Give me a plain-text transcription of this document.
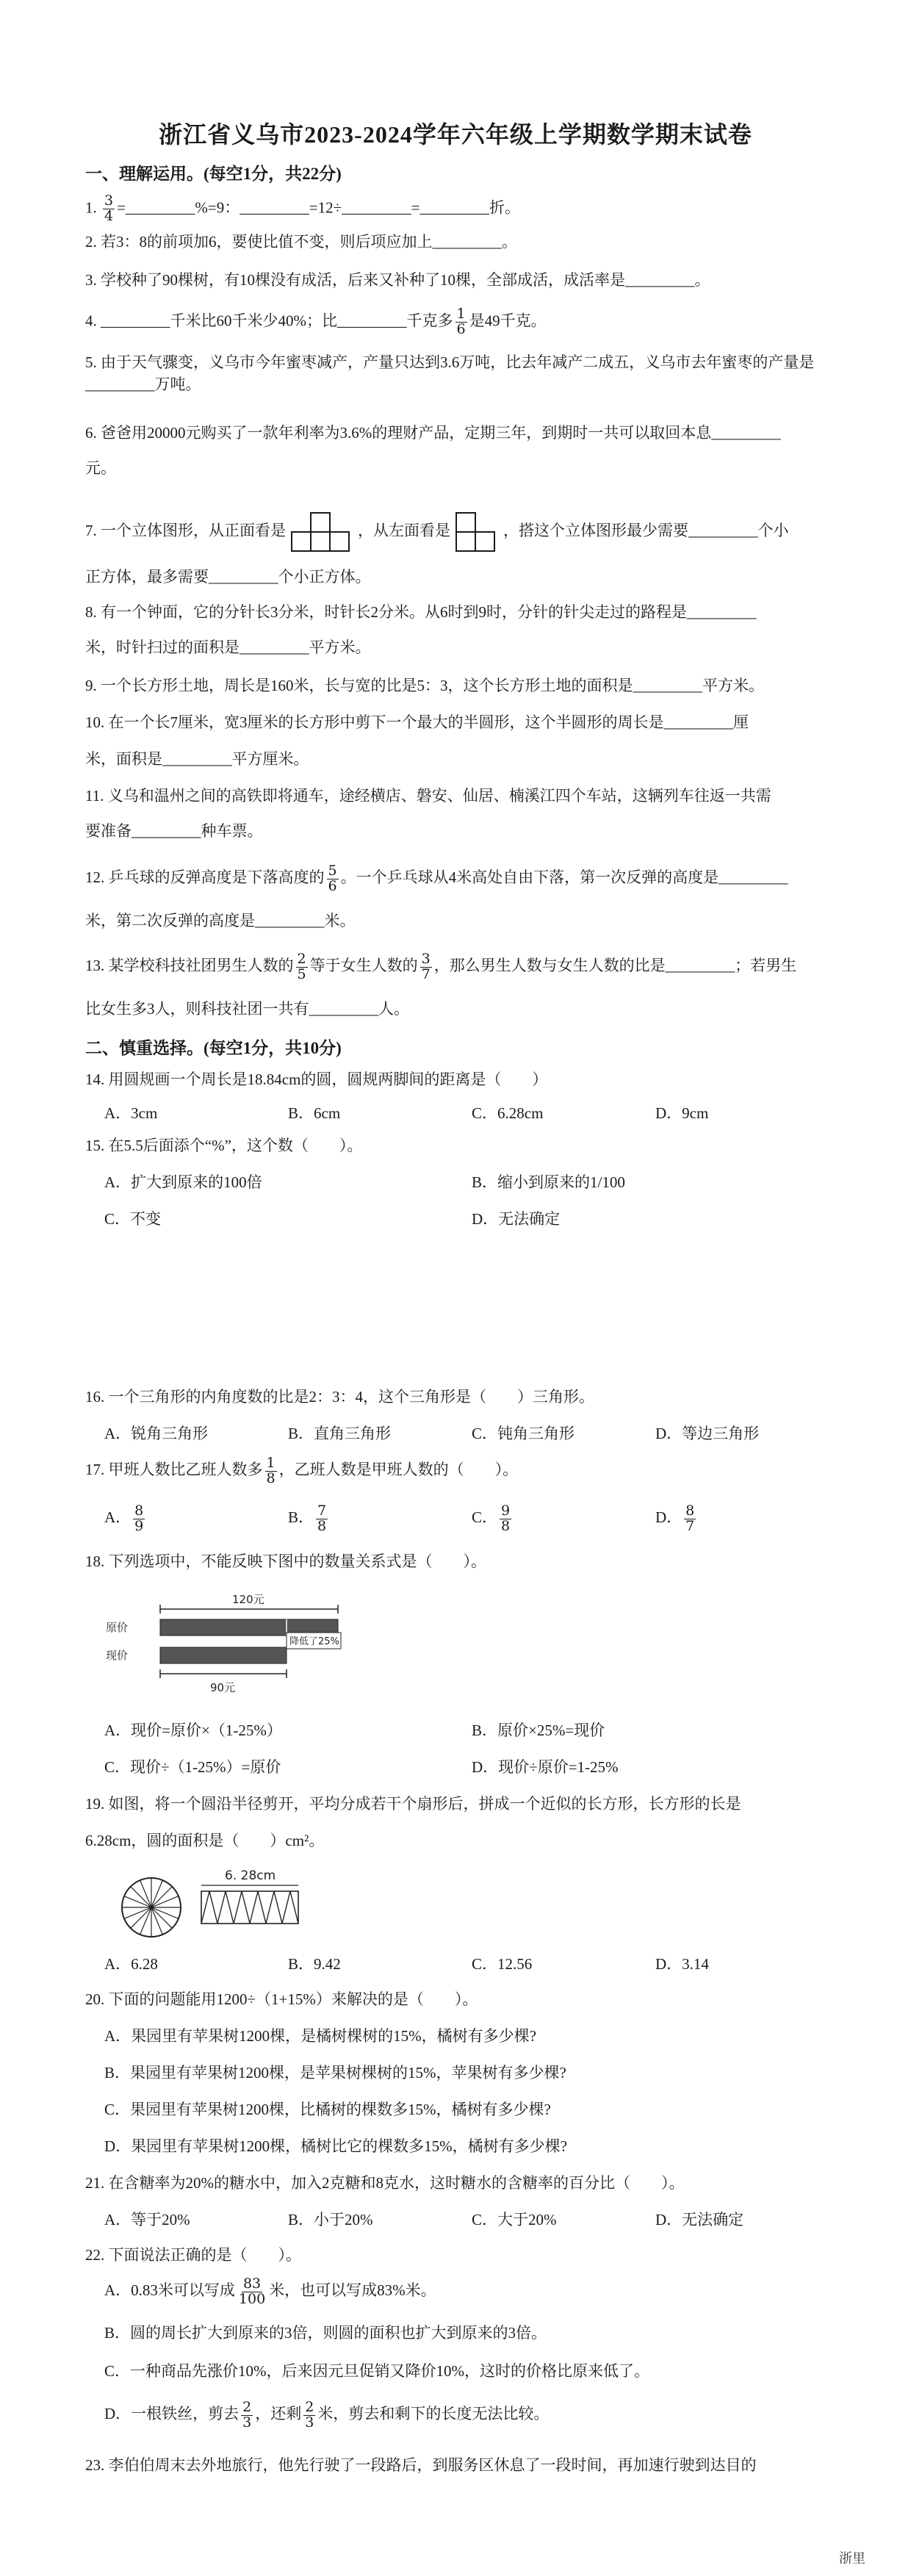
浙江省义乌市2023-2024学年六年级上学期数学期末试卷
一、理解运用。(每空1分，共22分)
1. $\frac{3}{4}$ =_________%=9：_________=12÷_________=_________折。
2. 若3：8的前项加6，要使比值不变，则后项应加上_________。
3. 学校种了90棵树，有10棵没有成活，后来又补种了10棵，全部成活，成活率是_________。
4. _________千米比60千米少40%；比_________千克多 $\frac{1}{6}$ 是49千克。
5. 由于天气骤变，义乌市今年蜜枣减产，产量只达到3.6万吨，比去年减产二成五，义乌市去年蜜枣的产量是_________万吨。
6. 爸爸用20000元购买了一款年利率为3.6%的理财产品，定期三年，到期时一共可以取回本息_________
元。
7. 一个立体图形，从正面看是	，从左面看是	，搭这个立体图形最少需要_________个小
正方体，最多需要_________个小正方体。
8. 有一个钟面，它的分针长3分米，时针长2分米。从6时到9时，分针的针尖走过的路程是_________
米，时针扫过的面积是_________平方米。
9. 一个长方形土地，周长是160米，长与宽的比是5：3，这个长方形土地的面积是_________平方米。
10. 在一个长7厘米，宽3厘米的长方形中剪下一个最大的半圆形，这个半圆形的周长是_________厘
米，面积是_________平方厘米。
11. 义乌和温州之间的高铁即将通车，途经横店、磐安、仙居、楠溪江四个车站，这辆列车往返一共需
要准备_________种车票。
12. 乒乓球的反弹高度是下落高度的 $\frac{5}{6}$ 。一个乒乓球从4米高处自由下落，第一次反弹的高度是_________
米，第二次反弹的高度是_________米。
13. 某学校科技社团男生人数的 $\frac{2}{5}$ 等于女生人数的 $\frac{3}{7}$ ，那么男生人数与女生人数的比是_________；若男生
比女生多3人，则科技社团一共有_________人。
二、慎重选择。(每空1分，共10分)
14. 用圆规画一个周长是18.84cm的圆，圆规两脚间的距离是（　　）
A．3cm	B．6cm	C．6.28cm	D．9cm
15. 在5.5后面添个“%”，这个数（　　）。
A．扩大到原来的100倍	B．缩小到原来的1/100
C．不变	D．无法确定
16. 一个三角形的内角度数的比是2：3：4，这个三角形是（　　）三角形。
A．锐角三角形	B．直角三角形	C．钝角三角形	D．等边三角形
17. 甲班人数比乙班人数多 $\frac{1}{8}$ ，乙班人数是甲班人数的（　　）。
A． $\frac{8}{9}$	B． $\frac{7}{8}$	C． $\frac{9}{8}$	D． $\frac{8}{7}$
18. 下列选项中，不能反映下图中的数量关系式是（　　）。
120元
原价
现价
降低了25%
90元
A．现价=原价×（1-25%）	B．原价×25%=现价
C．现价÷（1-25%）=原价	D．现价÷原价=1-25%
19. 如图，将一个圆沿半径剪开，平均分成若干个扇形后，拼成一个近似的长方形，长方形的长是
6.28cm，圆的面积是（　　）cm²。
6. 28cm
A．6.28	B．9.42	C．12.56	D．3.14
20. 下面的问题能用1200÷（1+15%）来解决的是（　　）。
A．果园里有苹果树1200棵，是橘树棵树的15%，橘树有多少棵?
B．果园里有苹果树1200棵，是苹果树棵树的15%，苹果树有多少棵?
C．果园里有苹果树1200棵，比橘树的棵数多15%，橘树有多少棵?
D．果园里有苹果树1200棵，橘树比它的棵数多15%，橘树有多少棵?
21. 在含糖率为20%的糖水中，加入2克糖和8克水，这时糖水的含糖率的百分比（　　）。
A．等于20%	B．小于20%	C．大于20%	D．无法确定
22. 下面说法正确的是（　　）。
A．0.83米可以写成 $\frac{83}{100}$ 米，也可以写成83%米。
B．圆的周长扩大到原来的3倍，则圆的面积也扩大到原来的3倍。
C．一种商品先涨价10%，后来因元旦促销又降价10%，这时的价格比原来低了。
D．一根铁丝，剪去 $\frac{2}{3}$ ，还剩 $\frac{2}{3}$ 米，剪去和剩下的长度无法比较。
23. 李伯伯周末去外地旅行，他先行驶了一段路后，到服务区休息了一段时间，再加速行驶到达目的
浙里
